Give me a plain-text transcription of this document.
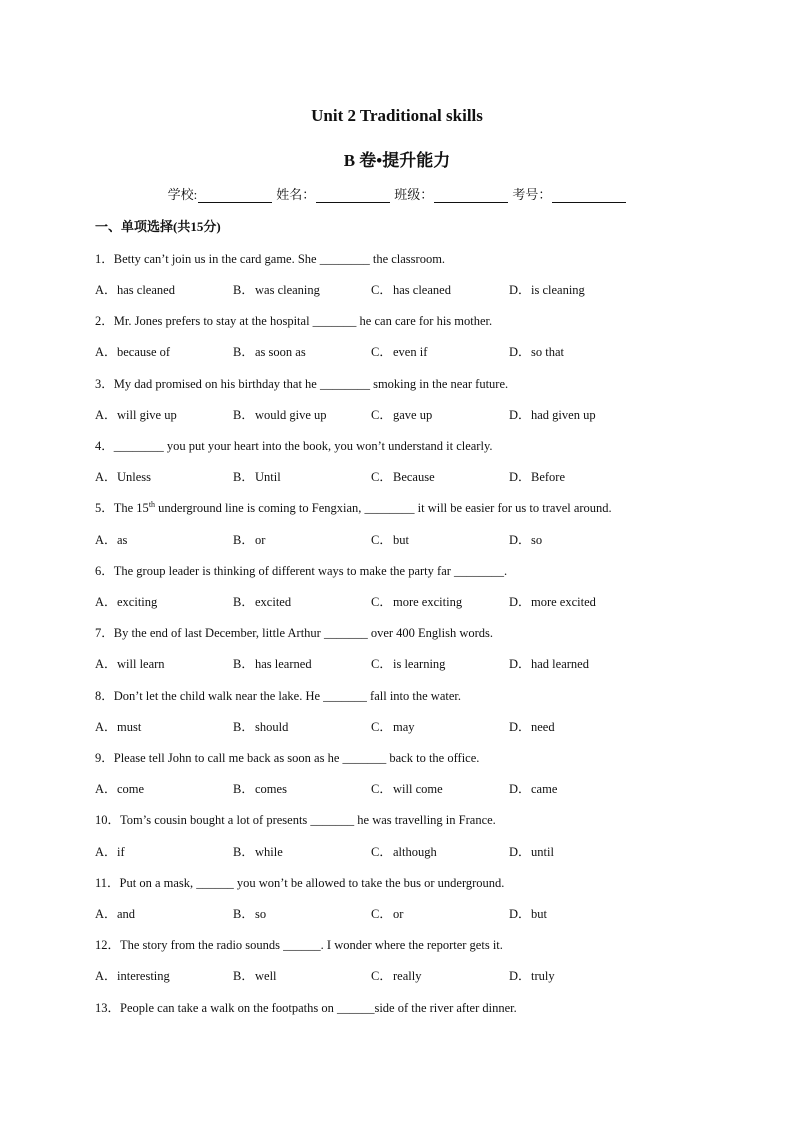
Unit 2 Traditional skills
B 卷•提升能力
学校:	姓名：	班级：	考号：
一、单项选择(共15分)
1．Betty can’t join us in the card game. She ________ the classroom.
A．has cleaned	B．was cleaning	C．has cleaned	D．is cleaning
2．Mr. Jones prefers to stay at the hospital _______ he can care for his mother.
A．because of	B．as soon as	C．even if	D．so that
3．My dad promised on his birthday that he ________ smoking in the near future.
A．will give up	B．would give up	C．gave up	D．had given up
4．________ you put your heart into the book, you won’t understand it clearly.
A．Unless	B．Until	C．Because	D．Before
5．The 15th underground line is coming to Fengxian, ________ it will be easier for us to travel around.
A．as	B．or	C．but	D．so
6．The group leader is thinking of different ways to make the party far ________.
A．exciting	B．excited	C．more exciting	D．more excited
7．By the end of last December, little Arthur _______ over 400 English words.
A．will learn	B．has learned	C．is learning	D．had learned
8．Don’t let the child walk near the lake. He _______ fall into the water.
A．must	B．should	C．may	D．need
9．Please tell John to call me back as soon as he _______ back to the office.
A．come	B．comes	C．will come	D．came
10．Tom’s cousin bought a lot of presents _______ he was travelling in France.
A．if	B．while	C．although	D．until
11．Put on a mask, ______ you won’t be allowed to take the bus or underground.
A．and	B．so	C．or	D．but
12．The story from the radio sounds ______. I wonder where the reporter gets it.
A．interesting	B．well	C．really	D．truly
13．People can take a walk on the footpaths on ______side of the river after dinner.
